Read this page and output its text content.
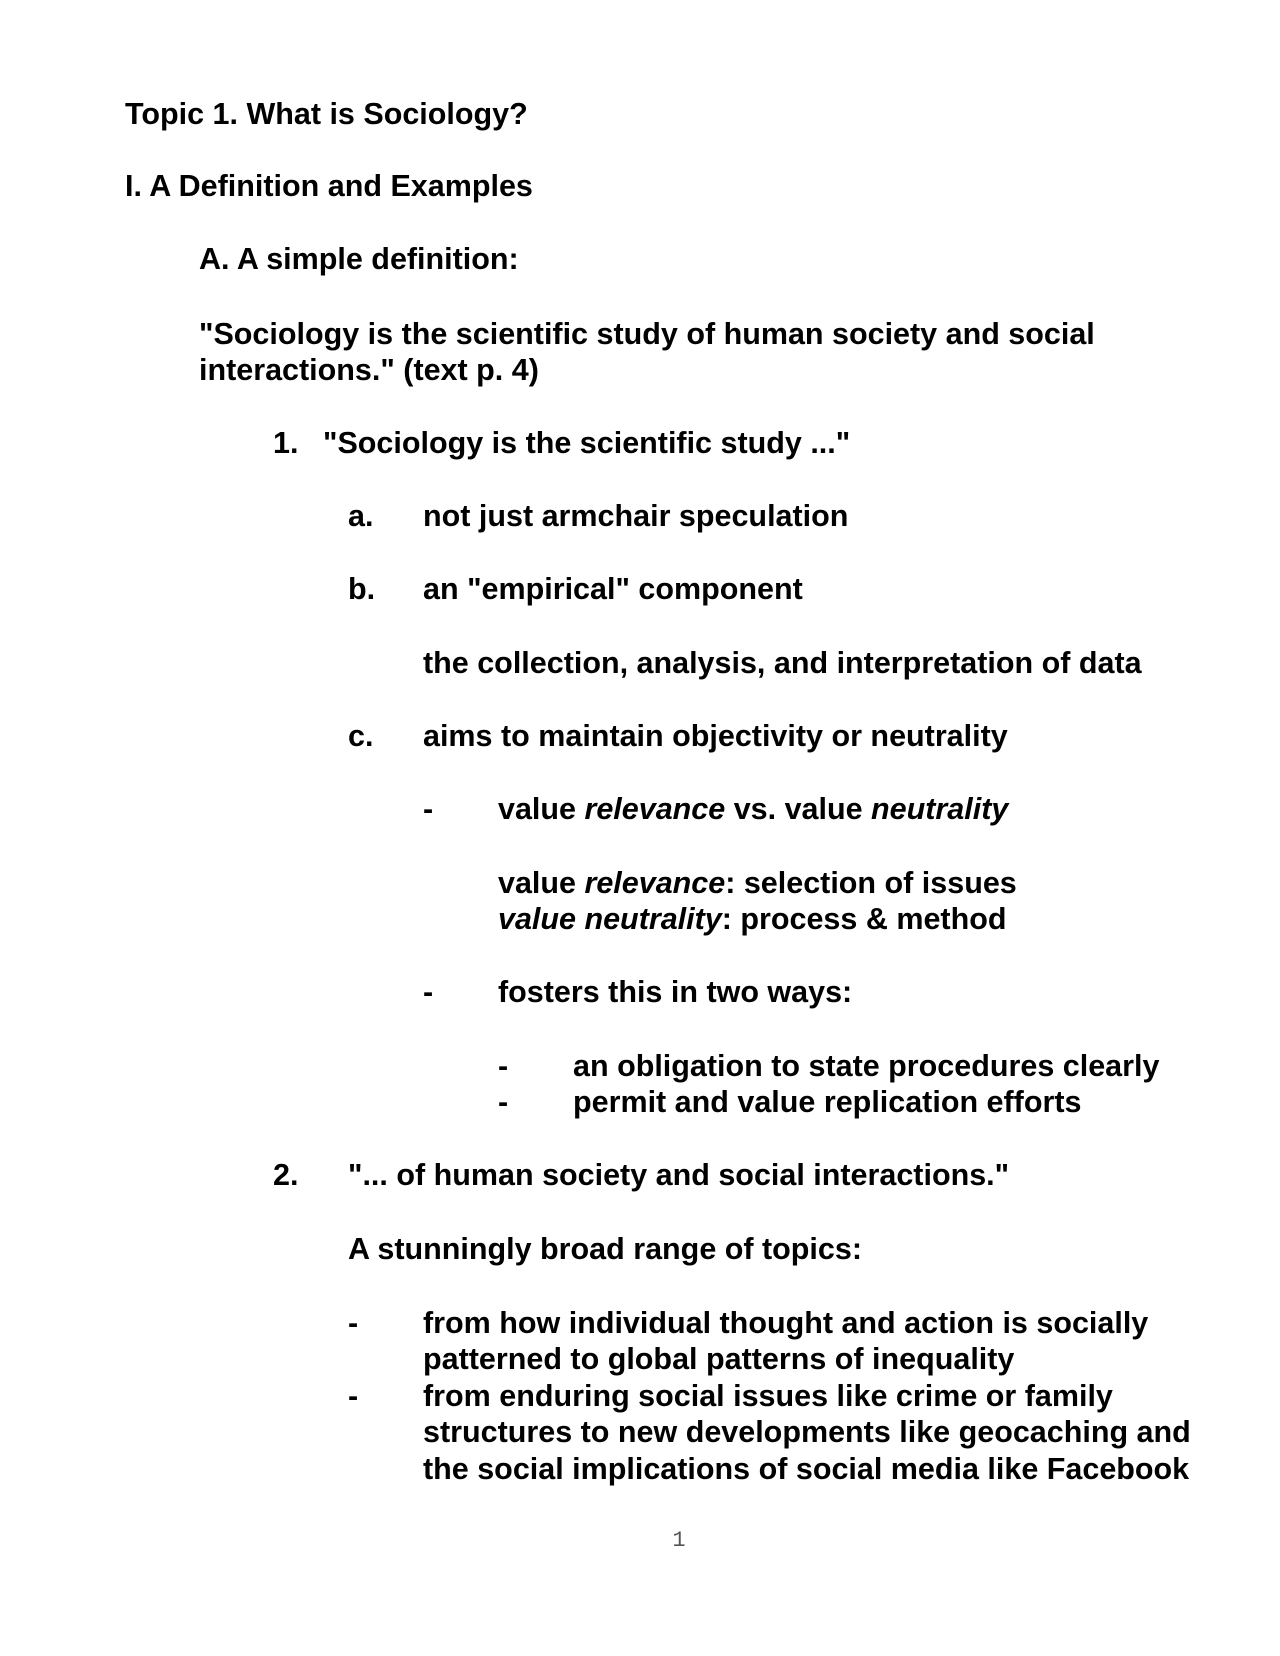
Topic 1. What is Sociology?
I. A Definition and Examples
A. A simple definition:
"Sociology is the scientific study of human society and social
interactions." (text p. 4)
1. "Sociology is the scientific study ..."
a. not just armchair speculation
b. an "empirical" component
the collection, analysis, and interpretation of data
c. aims to maintain objectivity or neutrality
- value relevance vs. value neutrality
value relevance: selection of issues
value neutrality: process & method
- fosters this in two ways:
- an obligation to state procedures clearly
- permit and value replication efforts
2. "... of human society and social interactions."
A stunningly broad range of topics:
- from how individual thought and action is socially
patterned to global patterns of inequality
- from enduring social issues like crime or family
structures to new developments like geocaching and
the social implications of social media like Facebook
1
